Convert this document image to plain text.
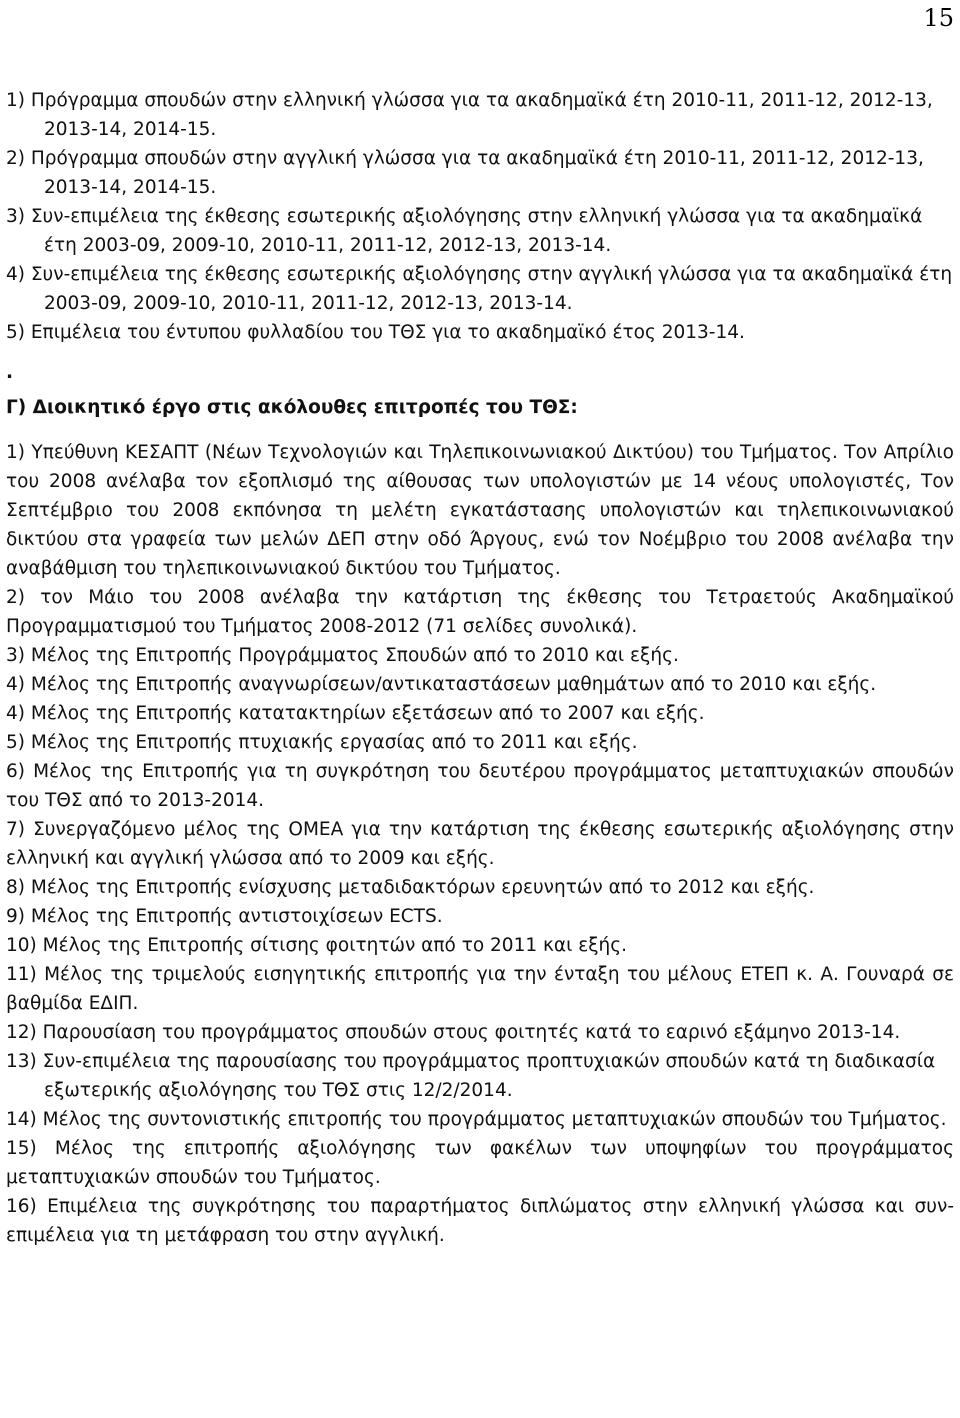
15

1) Πρόγραμμα σπουδών στην ελληνική γλώσσα για τα ακαδημαϊκά έτη 2010-11, 2011-12, 2012-13, 2013-14, 2014-15.

2) Πρόγραμμα σπουδών στην αγγλική γλώσσα για τα ακαδημαϊκά έτη 2010-11, 2011-12, 2012-13, 2013-14, 2014-15.

3) Συν-επιμέλεια της έκθεσης εσωτερικής αξιολόγησης στην ελληνική γλώσσα για τα ακαδημαϊκά έτη 2003-09, 2009-10, 2010-11, 2011-12, 2012-13, 2013-14.

4) Συν-επιμέλεια της έκθεσης εσωτερικής αξιολόγησης στην αγγλική γλώσσα για τα ακαδημαϊκά έτη 2003-09, 2009-10, 2010-11, 2011-12, 2012-13, 2013-14.

5) Επιμέλεια του έντυπου φυλλαδίου του ΤΘΣ για το ακαδημαϊκό έτος 2013-14.

.

Γ) Διοικητικό έργο στις ακόλουθες επιτροπές του ΤΘΣ:

1) Υπεύθυνη ΚΕΣΑΠΤ (Νέων Τεχνολογιών και Τηλεπικοινωνιακού Δικτύου) του Τμήματος. Τον Απρίλιο του 2008 ανέλαβα τον εξοπλισμό της αίθουσας των υπολογιστών με 14 νέους υπολογιστές, Τον Σεπτέμβριο του 2008 εκπόνησα τη μελέτη εγκατάστασης υπολογιστών και τηλεπικοινωνιακού δικτύου στα γραφεία των μελών ΔΕΠ στην οδό Άργους, ενώ τον Νοέμβριο του 2008 ανέλαβα την αναβάθμιση του τηλεπικοινωνιακού δικτύου του Τμήματος.

2) τον Μάιο του 2008 ανέλαβα την κατάρτιση της έκθεσης του Τετραετούς Ακαδημαϊκού Προγραμματισμού του Τμήματος 2008-2012 (71 σελίδες συνολικά).

3) Μέλος της Επιτροπής Προγράμματος Σπουδών από το 2010 και εξής.

4) Μέλος της Επιτροπής αναγνωρίσεων/αντικαταστάσεων μαθημάτων από το 2010 και εξής.

4) Μέλος της Επιτροπής κατατακτηρίων εξετάσεων από το 2007 και εξής.

5) Μέλος της Επιτροπής πτυχιακής εργασίας από το 2011 και εξής.

6) Μέλος της Επιτροπής για τη συγκρότηση του δευτέρου προγράμματος μεταπτυχιακών σπουδών του ΤΘΣ από το 2013-2014.

7) Συνεργαζόμενο μέλος της ΟΜΕΑ για την κατάρτιση της έκθεσης εσωτερικής αξιολόγησης στην ελληνική και αγγλική γλώσσα από το 2009 και εξής.

8) Μέλος της Επιτροπής ενίσχυσης μεταδιδακτόρων ερευνητών από το 2012 και εξής.

9) Μέλος της Επιτροπής αντιστοιχίσεων ECTS.

10) Μέλος της Επιτροπής σίτισης φοιτητών από το 2011 και εξής.

11) Μέλος της τριμελούς εισηγητικής επιτροπής για την ένταξη του μέλους ΕΤΕΠ κ. Α. Γουναρά σε βαθμίδα ΕΔΙΠ.

12) Παρουσίαση του προγράμματος σπουδών στους φοιτητές κατά το εαρινό εξάμηνο 2013-14.

13) Συν-επιμέλεια της παρουσίασης του προγράμματος προπτυχιακών σπουδών κατά τη διαδικασία εξωτερικής αξιολόγησης του ΤΘΣ στις 12/2/2014.

14) Μέλος της συντονιστικής επιτροπής του προγράμματος μεταπτυχιακών σπουδών του Τμήματος.

15) Μέλος της επιτροπής αξιολόγησης των φακέλων των υποψηφίων του προγράμματος μεταπτυχιακών σπουδών του Τμήματος.

16) Επιμέλεια της συγκρότησης του παραρτήματος διπλώματος στην ελληνική γλώσσα και συν-επιμέλεια για τη μετάφραση του στην αγγλική.
